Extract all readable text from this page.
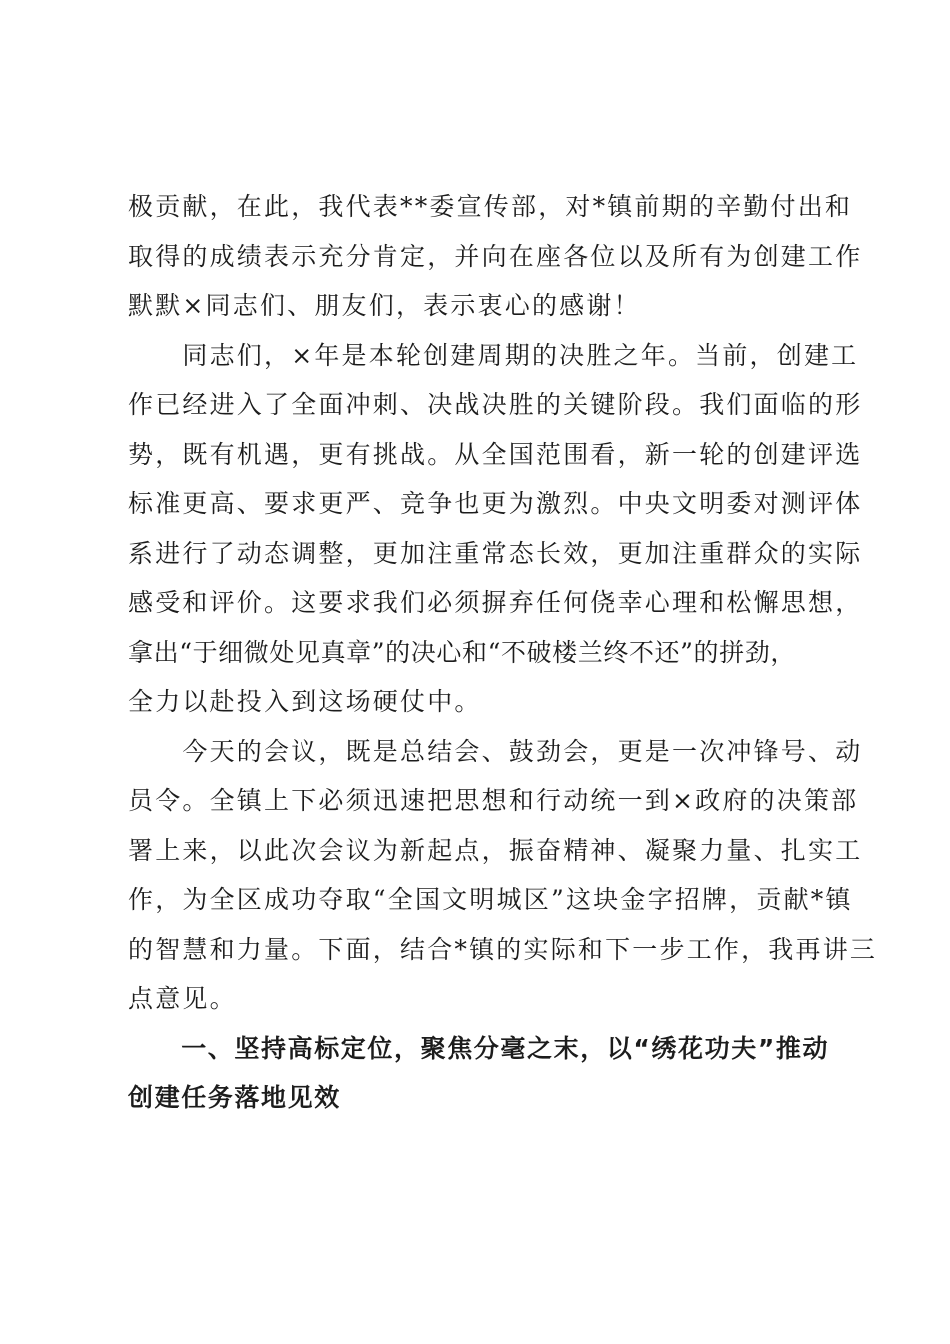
极贡献，在此，我代表**委宣传部，对*镇前期的辛勤付出和
取得的成绩表示充分肯定，并向在座各位以及所有为创建工作
默默×同志们、朋友们，表示衷心的感谢！
　　同志们，×年是本轮创建周期的决胜之年。当前，创建工
作已经进入了全面冲刺、决战决胜的关键阶段。我们面临的形
势，既有机遇，更有挑战。从全国范围看，新一轮的创建评选
标准更高、要求更严、竞争也更为激烈。中央文明委对测评体
系进行了动态调整，更加注重常态长效，更加注重群众的实际
感受和评价。这要求我们必须摒弃任何侥幸心理和松懈思想，
拿出“于细微处见真章”的决心和“不破楼兰终不还”的拼劲，
全力以赴投入到这场硬仗中。
　　今天的会议，既是总结会、鼓劲会，更是一次冲锋号、动
员令。全镇上下必须迅速把思想和行动统一到×政府的决策部
署上来，以此次会议为新起点，振奋精神、凝聚力量、扎实工
作，为全区成功夺取“全国文明城区”这块金字招牌，贡献*镇
的智慧和力量。下面，结合*镇的实际和下一步工作，我再讲三
点意见。
　　一、坚持高标定位，聚焦分毫之末，以“绣花功夫”推动
创建任务落地见效
